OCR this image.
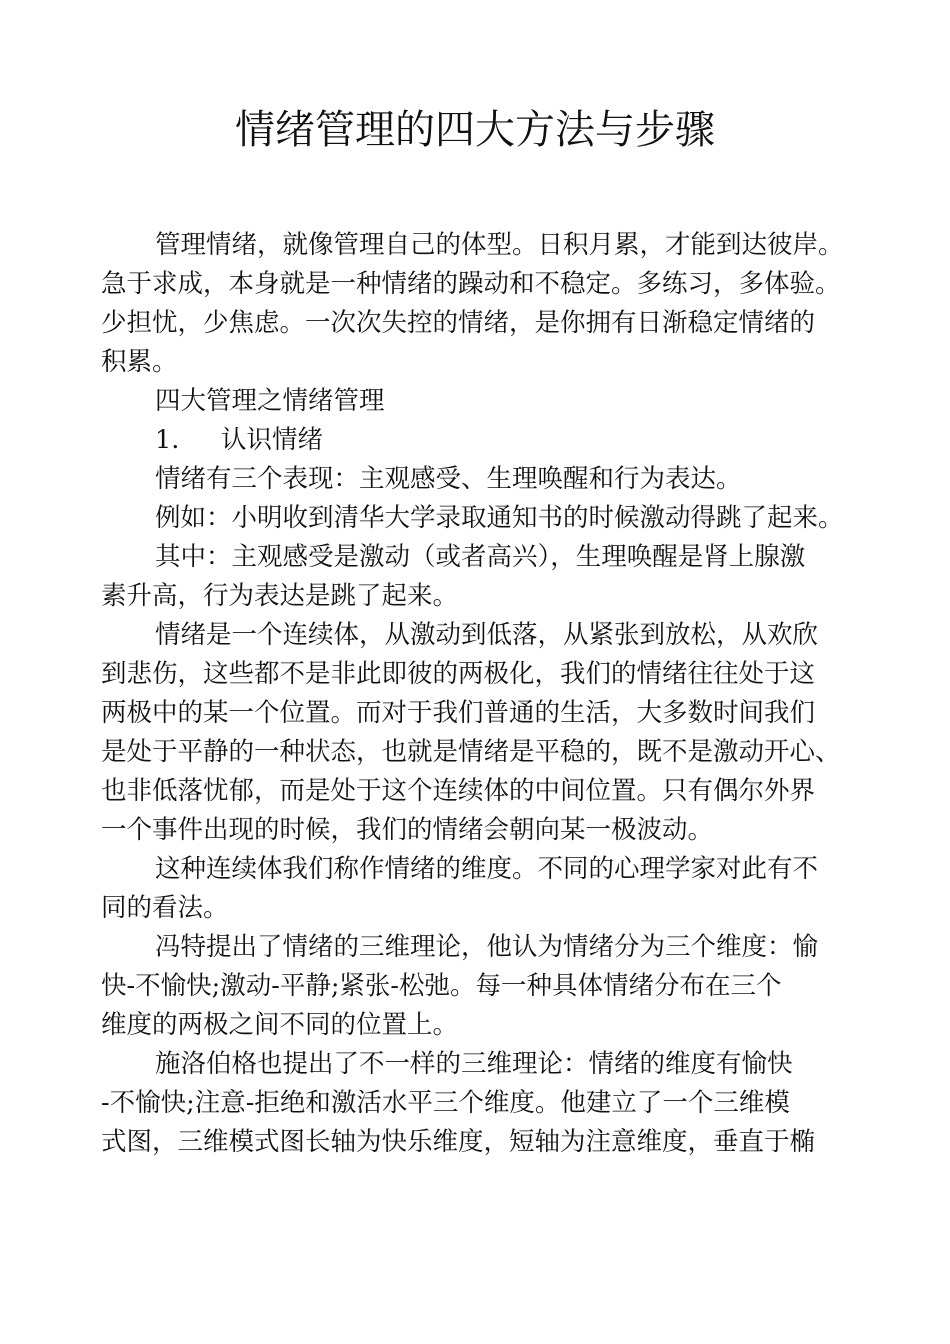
情绪管理的四大方法与步骤
管理情绪，就像管理自己的体型。日积月累，才能到达彼岸。
急于求成，本身就是一种情绪的躁动和不稳定。多练习，多体验。
少担忧，少焦虑。一次次失控的情绪，是你拥有日渐稳定情绪的
积累。
四大管理之情绪管理
1. 认识情绪
情绪有三个表现：主观感受、生理唤醒和行为表达。
例如：小明收到清华大学录取通知书的时候激动得跳了起来。
其中：主观感受是激动（或者高兴），生理唤醒是肾上腺激
素升高，行为表达是跳了起来。
情绪是一个连续体，从激动到低落，从紧张到放松，从欢欣
到悲伤，这些都不是非此即彼的两极化，我们的情绪往往处于这
两极中的某一个位置。而对于我们普通的生活，大多数时间我们
是处于平静的一种状态，也就是情绪是平稳的，既不是激动开心、
也非低落忧郁，而是处于这个连续体的中间位置。只有偶尔外界
一个事件出现的时候，我们的情绪会朝向某一极波动。
这种连续体我们称作情绪的维度。不同的心理学家对此有不
同的看法。
冯特提出了情绪的三维理论，他认为情绪分为三个维度：愉
快-不愉快;激动-平静;紧张-松弛。每一种具体情绪分布在三个
维度的两极之间不同的位置上。
施洛伯格也提出了不一样的三维理论：情绪的维度有愉快
-不愉快;注意-拒绝和激活水平三个维度。他建立了一个三维模
式图，三维模式图长轴为快乐维度，短轴为注意维度，垂直于椭
